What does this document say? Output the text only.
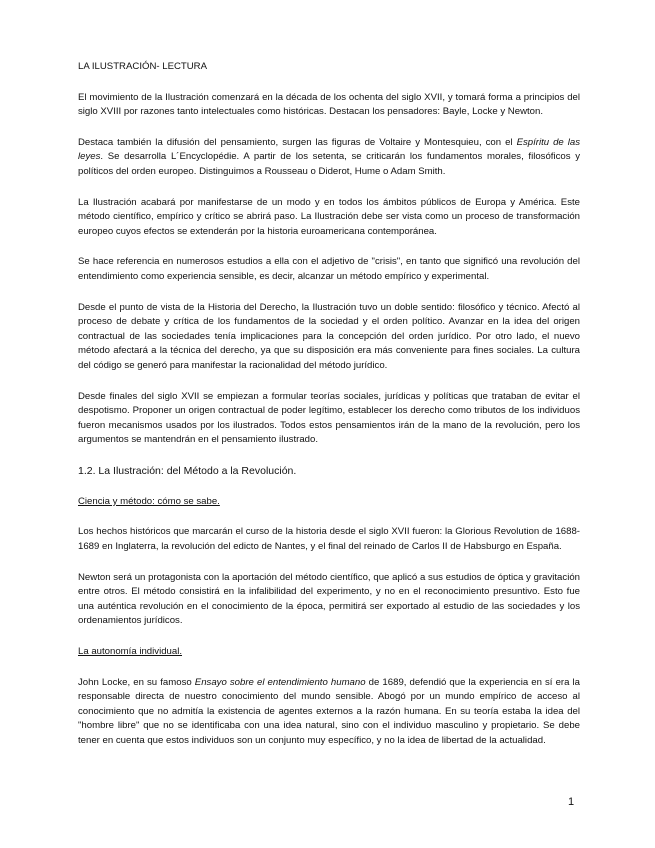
LA ILUSTRACIÓN- LECTURA

El movimiento de la Ilustración comenzará en la década de los ochenta del siglo XVII, y tomará forma a principios del siglo XVIII por razones tanto intelectuales como históricas. Destacan los pensadores: Bayle, Locke y Newton.

Destaca también la difusión del pensamiento, surgen las figuras de Voltaire y Montesquieu, con el Espíritu de las leyes. Se desarrolla L´Encyclopédie. A partir de los setenta, se criticarán los fundamentos morales, filosóficos y políticos del orden europeo. Distinguimos a Rousseau o Diderot, Hume o Adam Smith.

La Ilustración acabará por manifestarse de un modo y en todos los ámbitos públicos de Europa y América. Este método científico, empírico y crítico se abrirá paso. La Ilustración debe ser vista como un proceso de transformación europeo cuyos efectos se extenderán por la historia euroamericana contemporánea.

Se hace referencia en numerosos estudios a ella con el adjetivo de "crisis", en tanto que significó una revolución del entendimiento como experiencia sensible, es decir, alcanzar un método empírico y experimental.

Desde el punto de vista de la Historia del Derecho, la Ilustración tuvo un doble sentido: filosófico y técnico. Afectó al proceso de debate y crítica de los fundamentos de la sociedad y el orden político. Avanzar en la idea del origen contractual de las sociedades tenía implicaciones para la concepción del orden jurídico. Por otro lado, el nuevo método afectará a la técnica del derecho, ya que su disposición era más conveniente para fines sociales. La cultura del código se generó para manifestar la racionalidad del método jurídico.

Desde finales del siglo XVII se empiezan a formular teorías sociales, jurídicas y políticas que trataban de evitar el despotismo. Proponer un origen contractual de poder legítimo, establecer los derecho como tributos de los individuos fueron mecanismos usados por los ilustrados. Todos estos pensamientos irán de la mano de la revolución, pero los argumentos se mantendrán en el pensamiento ilustrado.

1.2. La Ilustración: del Método a la Revolución.

Ciencia y método: cómo se sabe.

Los hechos históricos que marcarán el curso de la historia desde el siglo XVII fueron: la Glorious Revolution de 1688-1689 en Inglaterra, la revolución del edicto de Nantes, y el final del reinado de Carlos II de Habsburgo en España.

Newton será un protagonista con la aportación del método científico, que aplicó a sus estudios de óptica y gravitación entre otros. El método consistirá en la infalibilidad del experimento, y no en el reconocimiento presuntivo. Esto fue una auténtica revolución en el conocimiento de la época, permitirá ser exportado al estudio de las sociedades y los ordenamientos jurídicos.

La autonomía individual.

John Locke, en su famoso Ensayo sobre el entendimiento humano de 1689, defendió que la experiencia en sí era la responsable directa de nuestro conocimiento del mundo sensible. Abogó por un mundo empírico de acceso al conocimiento que no admitía la existencia de agentes externos a la razón humana. En su teoría estaba la idea del "hombre libre" que no se identificaba con una idea natural, sino con el individuo masculino y propietario. Se debe tener en cuenta que estos individuos son un conjunto muy específico, y no la idea de libertad de la actualidad.

1
